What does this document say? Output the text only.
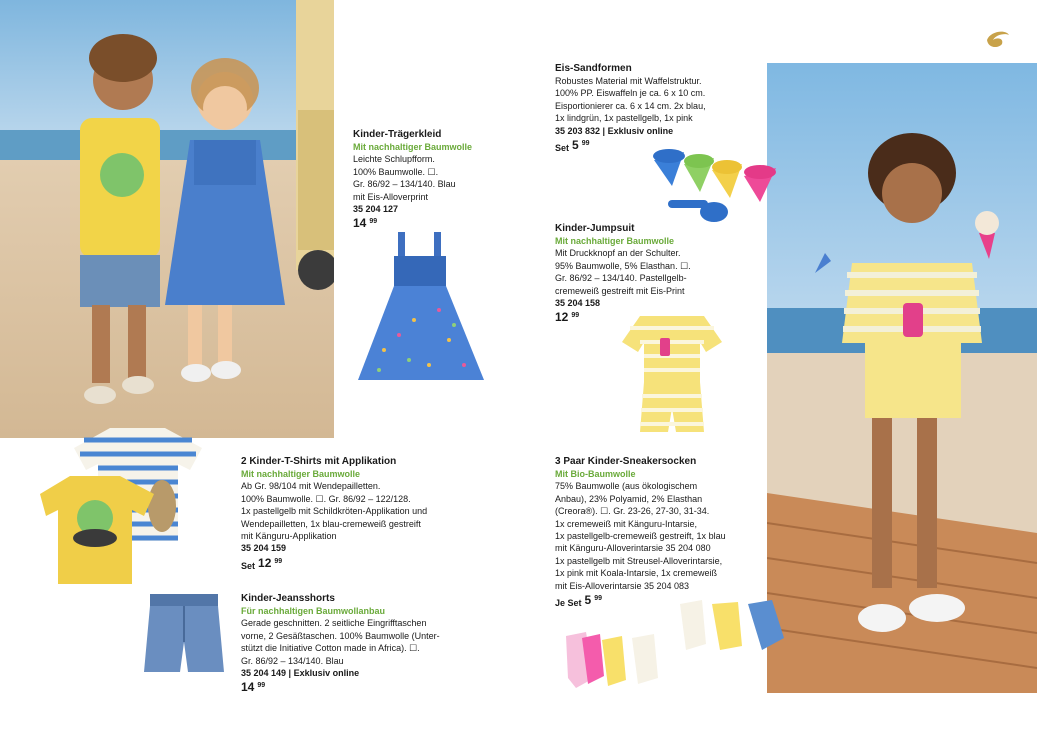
Kinder-Trägerkleid
Mit nachhaltiger Baumwolle
Leichte Schlupfform.
100% Baumwolle. ☐.
Gr. 86/92 – 134/140. Blau
mit Eis-Alloverprint
35 204 127
14 $^{99}$
Eis-Sandformen
Robustes Material mit Waffelstruktur.
100% PP. Eiswaffeln je ca. 6 x 10 cm.
Eisportionierer ca. 6 x 14 cm. 2x blau,
1x lindgrün, 1x pastellgelb, 1x pink
35 203 832 | Exklusiv online
Set 5 $^{99}$
Kinder-Jumpsuit
Mit nachhaltiger Baumwolle
Mit Druckknopf an der Schulter.
95% Baumwolle, 5% Elasthan. ☐.
Gr. 86/92 – 134/140. Pastellgelb-
cremeweiß gestreift mit Eis-Print
35 204 158
12 $^{99}$
2 Kinder-T-Shirts mit Applikation
Mit nachhaltiger Baumwolle
Ab Gr. 98/104 mit Wendepailletten.
100% Baumwolle. ☐. Gr. 86/92 – 122/128.
1x pastellgelb mit Schildkröten-Applikation und
Wendepailletten, 1x blau-cremeweiß gestreift
mit Känguru-Applikation
35 204 159
Set 12 $^{99}$
3 Paar Kinder-Sneakersocken
Mit Bio-Baumwolle
75% Baumwolle (aus ökologischem
Anbau), 23% Polyamid, 2% Elasthan
(Creora®). ☐. Gr. 23-26, 27-30, 31-34.
1x cremeweiß mit Känguru-Intarsie,
1x pastellgelb-cremeweiß gestreift, 1x blau
mit Känguru-Alloverintarsie 35 204 080
1x pastellgelb mit Streusel-Alloverintarsie,
1x pink mit Koala-Intarsie, 1x cremeweiß
mit Eis-Alloverintarsie 35 204 083
Je Set 5 $^{99}$
Kinder-Jeansshorts
Für nachhaltigen Baumwollanbau
Gerade geschnitten. 2 seitliche Eingrifftaschen
vorne, 2 Gesäßtaschen. 100% Baumwolle (Unter-
stützt die Initiative Cotton made in Africa). ☐.
Gr. 86/92 – 134/140. Blau
35 204 149 | Exklusiv online
14 $^{99}$
